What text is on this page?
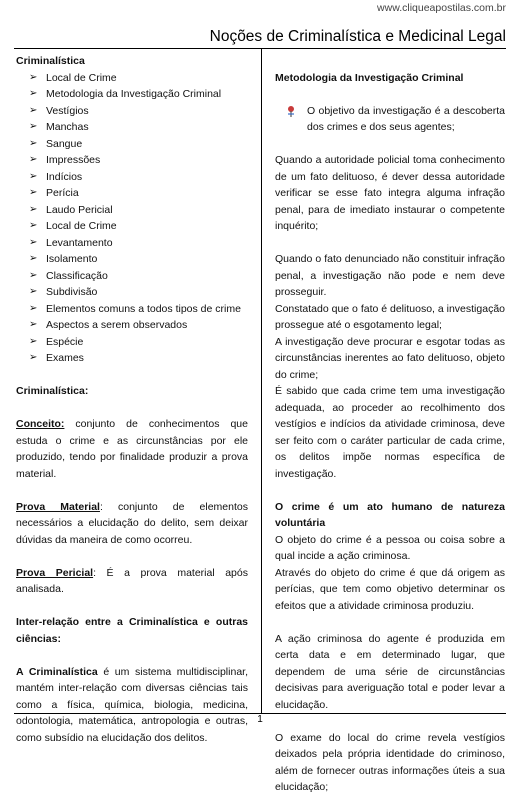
www.cliqueapostilas.com.br
Noções de Criminalística e Medicinal Legal

Criminalística

➢ Local de Crime
➢ Metodologia da Investigação Criminal
➢ Vestígios
➢ Manchas
➢ Sangue
➢ Impressões
➢ Indícios
➢ Perícia
➢ Laudo Pericial
➢ Local de Crime
➢ Levantamento
➢ Isolamento
➢ Classificação
➢ Subdivisão
➢ Elementos comuns a todos tipos de crime
➢ Aspectos a serem observados
➢ Espécie
➢ Exames

Criminalística:

Conceito: conjunto de conhecimentos que estuda o crime e as circunstâncias por ele produzido, tendo por finalidade produzir a prova material.

Prova Material: conjunto de elementos necessários a elucidação do delito, sem deixar dúvidas da maneira de como ocorreu.

Prova Pericial: É a prova material após analisada.

Inter-relação entre a Criminalística e outras ciências:

A Criminalística é um sistema multidisciplinar, mantém inter-relação com diversas ciências tais como a física, química, biologia, medicina, odontologia, matemática, antropologia e outras, como subsídio na elucidação dos delitos.

Metodologia da Investigação Criminal

O objetivo da investigação é a descoberta dos crimes e dos seus agentes;

Quando a autoridade policial toma conhecimento de um fato delituoso, é dever dessa autoridade verificar se esse fato integra alguma infração penal, para de imediato instaurar o competente inquérito;

Quando o fato denunciado não constituir infração penal, a investigação não pode e nem deve prosseguir.

Constatado que o fato é delituoso, a investigação prossegue até o esgotamento legal;

A investigação deve procurar e esgotar todas as circunstâncias inerentes ao fato delituoso, objeto do crime;

É sabido que cada crime tem uma investigação adequada, ao proceder ao recolhimento dos vestígios e indícios da atividade criminosa, deve ser feito com o caráter particular de cada crime, os delitos impõe normas específica de investigação.

O crime é um ato humano de natureza voluntária

O objeto do crime é a pessoa ou coisa sobre a qual incide a ação criminosa.

Através do objeto do crime é que dá origem as perícias, que tem como objetivo determinar os efeitos que a atividade criminosa produziu.

A ação criminosa do agente é produzida em certa data e em determinado lugar, que dependem de uma série de circunstâncias decisivas para averiguação total e poder levar a elucidação.

O exame do local do crime revela vestígios deixados pela própria identidade do criminoso, além de fornecer outras informações úteis a sua elucidação;

1
